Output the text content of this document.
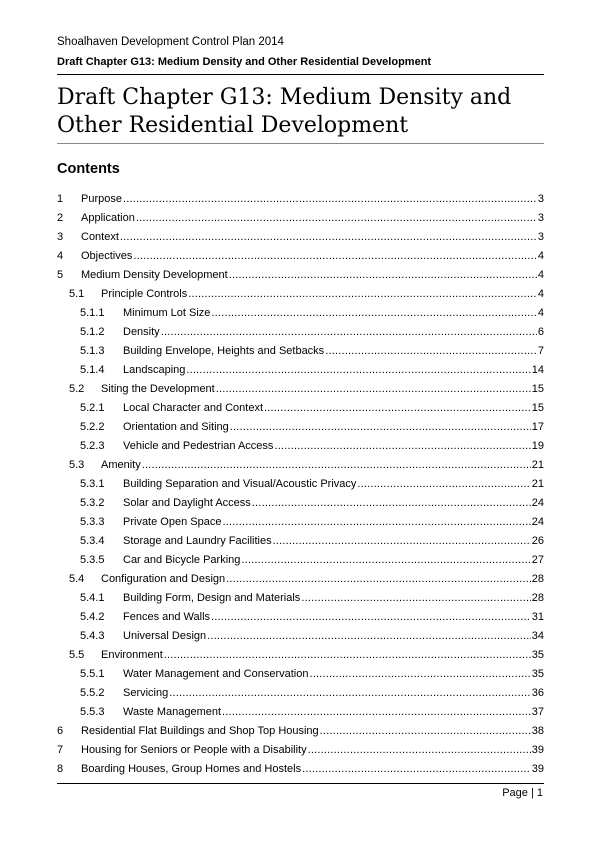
Shoalhaven Development Control Plan 2014
Draft Chapter G13: Medium Density and Other Residential Development
Draft Chapter G13: Medium Density and Other Residential Development
Contents
1	Purpose .....	3
2	Application .....	3
3	Context .....	3
4	Objectives .....	4
5	Medium Density Development .....	4
5.1	Principle Controls .....	4
5.1.1	Minimum Lot Size .....	4
5.1.2	Density .....	6
5.1.3	Building Envelope, Heights and Setbacks .....	7
5.1.4	Landscaping .....	14
5.2	Siting the Development .....	15
5.2.1	Local Character and Context .....	15
5.2.2	Orientation and Siting .....	17
5.2.3	Vehicle and Pedestrian Access .....	19
5.3	Amenity .....	21
5.3.1	Building Separation and Visual/Acoustic Privacy .....	21
5.3.2	Solar and Daylight Access .....	24
5.3.3	Private Open Space .....	24
5.3.4	Storage and Laundry Facilities .....	26
5.3.5	Car and Bicycle Parking .....	27
5.4	Configuration and Design .....	28
5.4.1	Building Form, Design and Materials .....	28
5.4.2	Fences and Walls .....	31
5.4.3	Universal Design .....	34
5.5	Environment .....	35
5.5.1	Water Management and Conservation .....	35
5.5.2	Servicing .....	36
5.5.3	Waste Management .....	37
6	Residential Flat Buildings and Shop Top Housing .....	38
7	Housing for Seniors or People with a Disability .....	39
8	Boarding Houses, Group Homes and Hostels .....	39
Page | 1
